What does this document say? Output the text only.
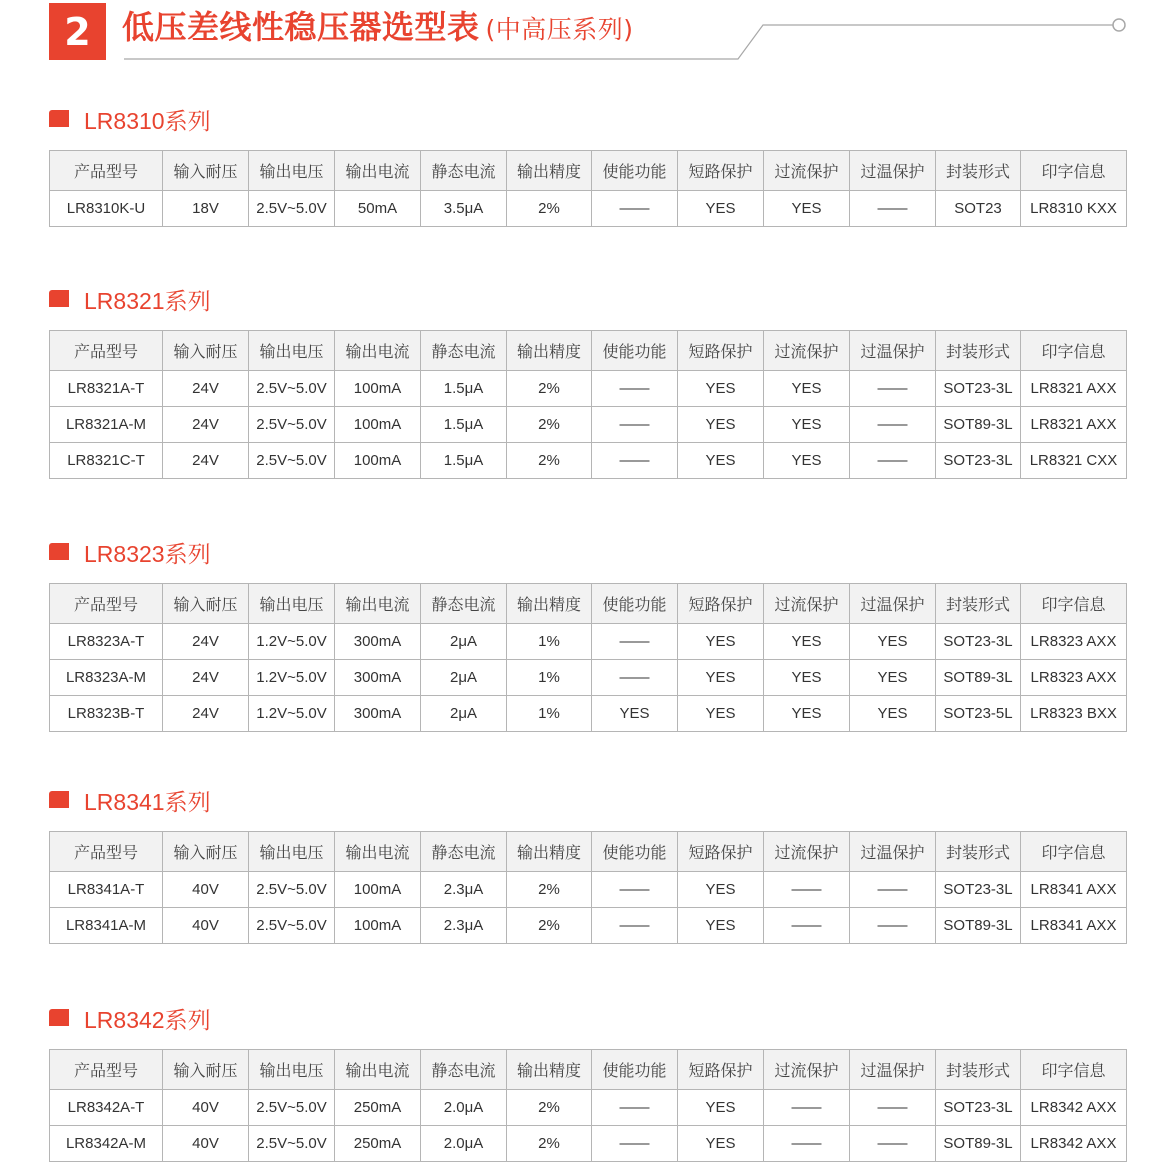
2 低压差线性稳压器选型表 (中高压系列)
LR8310系列
产品型号	输入耐压	输出电压	输出电流	静态电流	输出精度	使能功能	短路保护	过流保护	过温保护	封装形式	印字信息
LR8310K-U	18V	2.5V~5.0V	50mA	3.5μA	2%	——	YES	YES	——	SOT23	LR8310 KXX
LR8321系列
产品型号	输入耐压	输出电压	输出电流	静态电流	输出精度	使能功能	短路保护	过流保护	过温保护	封装形式	印字信息
LR8321A-T	24V	2.5V~5.0V	100mA	1.5μA	2%	——	YES	YES	——	SOT23-3L	LR8321 AXX
LR8321A-M	24V	2.5V~5.0V	100mA	1.5μA	2%	——	YES	YES	——	SOT89-3L	LR8321 AXX
LR8321C-T	24V	2.5V~5.0V	100mA	1.5μA	2%	——	YES	YES	——	SOT23-3L	LR8321 CXX
LR8323系列
产品型号	输入耐压	输出电压	输出电流	静态电流	输出精度	使能功能	短路保护	过流保护	过温保护	封装形式	印字信息
LR8323A-T	24V	1.2V~5.0V	300mA	2μA	1%	——	YES	YES	YES	SOT23-3L	LR8323 AXX
LR8323A-M	24V	1.2V~5.0V	300mA	2μA	1%	——	YES	YES	YES	SOT89-3L	LR8323 AXX
LR8323B-T	24V	1.2V~5.0V	300mA	2μA	1%	YES	YES	YES	YES	SOT23-5L	LR8323 BXX
LR8341系列
产品型号	输入耐压	输出电压	输出电流	静态电流	输出精度	使能功能	短路保护	过流保护	过温保护	封装形式	印字信息
LR8341A-T	40V	2.5V~5.0V	100mA	2.3μA	2%	——	YES	——	——	SOT23-3L	LR8341 AXX
LR8341A-M	40V	2.5V~5.0V	100mA	2.3μA	2%	——	YES	——	——	SOT89-3L	LR8341 AXX
LR8342系列
产品型号	输入耐压	输出电压	输出电流	静态电流	输出精度	使能功能	短路保护	过流保护	过温保护	封装形式	印字信息
LR8342A-T	40V	2.5V~5.0V	250mA	2.0μA	2%	——	YES	——	——	SOT23-3L	LR8342 AXX
LR8342A-M	40V	2.5V~5.0V	250mA	2.0μA	2%	——	YES	——	——	SOT89-3L	LR8342 AXX
